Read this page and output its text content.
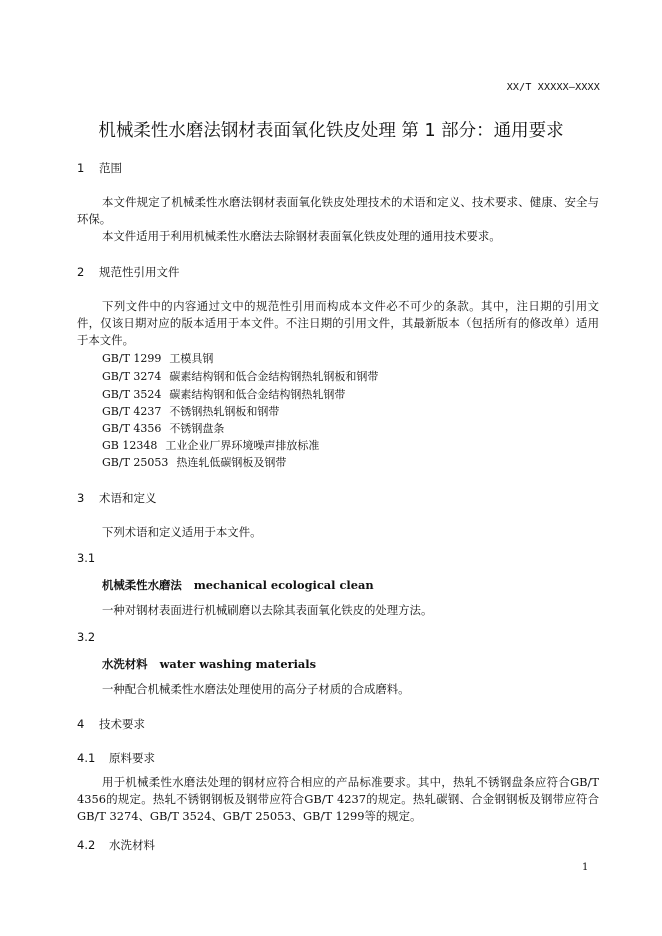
XX/T XXXXX—XXXX
机械柔性水磨法钢材表面氧化铁皮处理 第 1 部分：通用要求
1 范围
本文件规定了机械柔性水磨法钢材表面氧化铁皮处理技术的术语和定义、技术要求、健康、安全与环保。
本文件适用于利用机械柔性水磨法去除钢材表面氧化铁皮处理的通用技术要求。
2 规范性引用文件
下列文件中的内容通过文中的规范性引用而构成本文件必不可少的条款。其中，注日期的引用文件，仅该日期对应的版本适用于本文件。不注日期的引用文件，其最新版本（包括所有的修改单）适用于本文件。
GB/T 1299 工模具钢
GB/T 3274 碳素结构钢和低合金结构钢热轧钢板和钢带
GB/T 3524 碳素结构钢和低合金结构钢热轧钢带
GB/T 4237 不锈钢热轧钢板和钢带
GB/T 4356 不锈钢盘条
GB 12348 工业企业厂界环境噪声排放标准
GB/T 25053 热连轧低碳钢板及钢带
3 术语和定义
下列术语和定义适用于本文件。
3.1
机械柔性水磨法 mechanical ecological clean
一种对钢材表面进行机械刷磨以去除其表面氧化铁皮的处理方法。
3.2
水洗材料 water washing materials
一种配合机械柔性水磨法处理使用的高分子材质的合成磨料。
4 技术要求
4.1 原料要求
用于机械柔性水磨法处理的钢材应符合相应的产品标准要求。其中，热轧不锈钢盘条应符合GB/T 4356的规定。热轧不锈钢钢板及钢带应符合GB/T 4237的规定。热轧碳钢、合金钢钢板及钢带应符合GB/T 3274、GB/T 3524、GB/T 25053、GB/T 1299等的规定。
4.2 水洗材料
1
